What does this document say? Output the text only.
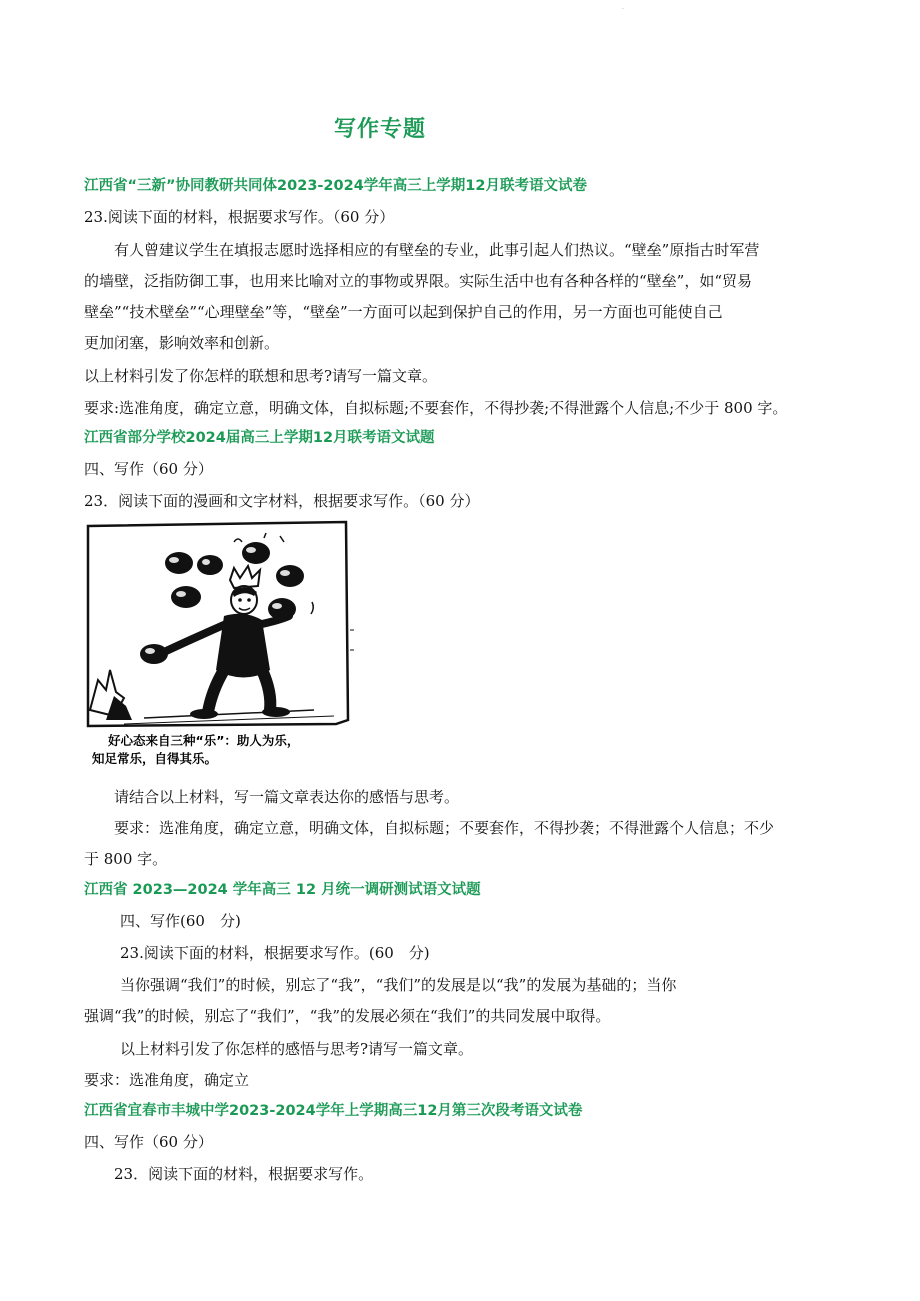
·
写作专题
江西省“三新”协同教研共同体2023-2024学年高三上学期12月联考语文试卷
23.阅读下面的材料，根据要求写作。（60 分）
有人曾建议学生在填报志愿时选择相应的有壁垒的专业，此事引起人们热议。“壁垒”原指古时军营
的墙壁，泛指防御工事，也用来比喻对立的事物或界限。实际生活中也有各种各样的“壁垒”，如“贸易
壁垒”“技术壁垒”“心理壁垒”等，“壁垒”一方面可以起到保护自己的作用，另一方面也可能使自己
更加闭塞，影响效率和创新。
以上材料引发了你怎样的联想和思考?请写一篇文章。
要求:选准角度，确定立意，明确文体，自拟标题;不要套作，不得抄袭;不得泄露个人信息;不少于 800 字。
江西省部分学校2024届高三上学期12月联考语文试题
四、写作（60 分）
23．阅读下面的漫画和文字材料，根据要求写作。（60 分）
好心态来自三种“乐”：助人为乐，
知足常乐，自得其乐。
请结合以上材料，写一篇文章表达你的感悟与思考。
要求：选准角度，确定立意，明确文体，自拟标题；不要套作，不得抄袭；不得泄露个人信息；不少
于 800 字。
江西省 2023—2024 学年高三 12 月统一调研测试语文试题
四、写作(60　分)
23.阅读下面的材料，根据要求写作。(60　分)
当你强调“我们”的时候，别忘了“我”，“我们”的发展是以“我”的发展为基础的；当你
强调“我”的时候，别忘了“我们”，“我”的发展必须在“我们”的共同发展中取得。
以上材料引发了你怎样的感悟与思考?请写一篇文章。
要求：选准角度，确定立
江西省宜春市丰城中学2023-2024学年上学期高三12月第三次段考语文试卷
四、写作（60 分）
23．阅读下面的材料，根据要求写作。
